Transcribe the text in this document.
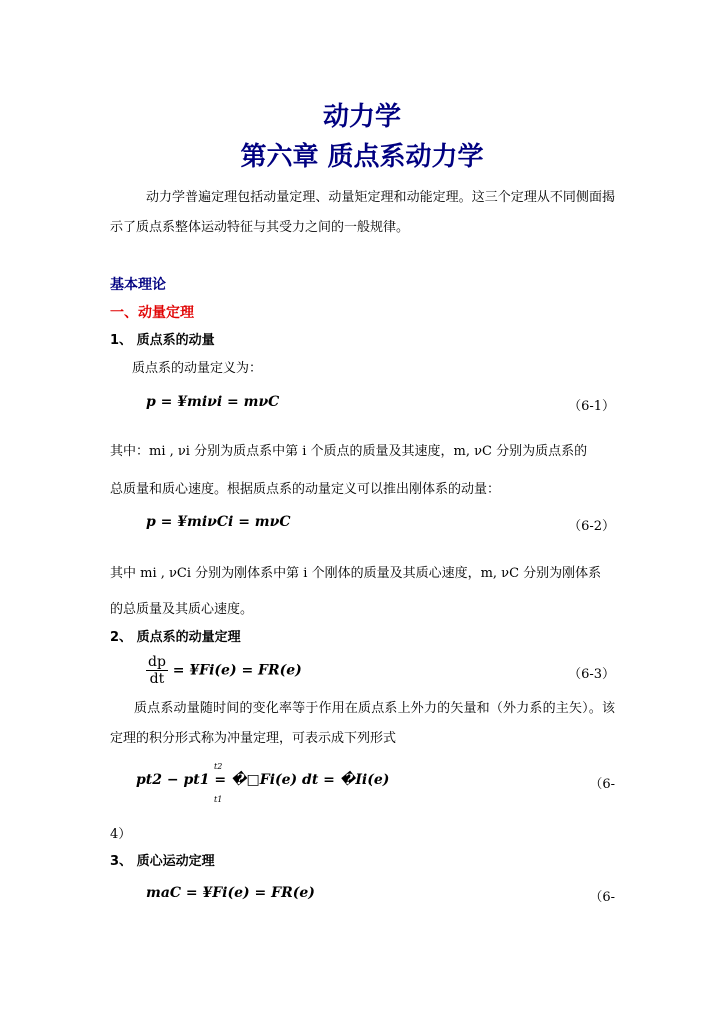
动力学
第六章 质点系动力学
动力学普遍定理包括动量定理、动量矩定理和动能定理。这三个定理从不同侧面揭示了质点系整体运动特征与其受力之间的一般规律。
基本理论
一、动量定理
1、 质点系的动量
质点系的动量定义为：
p = ¥miνi = mνC	（6-1）
其中：mi , νi 分别为质点系中第 i 个质点的质量及其速度，m, νC 分别为质点系的
总质量和质心速度。根据质点系的动量定义可以推出刚体系的动量：
p = ¥miνCi = mνC	（6-2）
其中 mi , νCi 分别为刚体系中第 i 个刚体的质量及其质心速度，m, νC 分别为刚体系
的总质量及其质心速度。
2、 质点系的动量定理
$\frac{dp}{dt}$ = ¥Fi(e) = FR(e)	（6-3）
质点系动量随时间的变化率等于作用在质点系上外力的矢量和（外力系的主矢）。该定理的积分形式称为冲量定理，可表示成下列形式
t2
pt2 − pt1 = �□Fi(e) dt = �Ii(e)
t1
（6-
4）
3、 质心运动定理
maC = ¥Fi(e) = FR(e)	（6-
